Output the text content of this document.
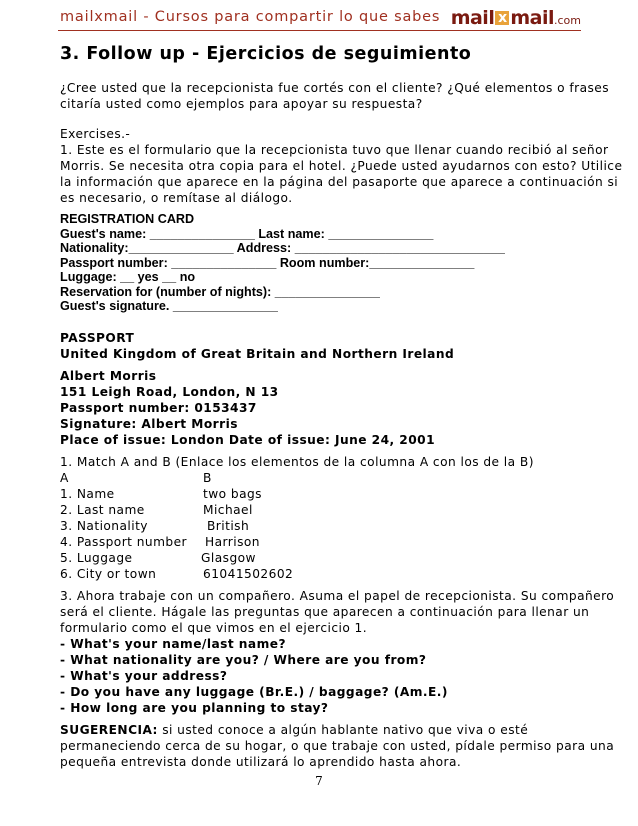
mailxmail - Cursos para compartir lo que sabes mail x mail.com
3. Follow up - Ejercicios de seguimiento
¿Cree usted que la recepcionista fue cortés con el cliente? ¿Qué elementos o frases
citaría usted como ejemplos para apoyar su respuesta?
Exercises.-
1. Este es el formulario que la recepcionista tuvo que llenar cuando recibió al señor
Morris. Se necesita otra copia para el hotel. ¿Puede usted ayudarnos con esto? Utilice
la información que aparece en la página del pasaporte que aparece a continuación si
es necesario, o remítase al diálogo.
REGISTRATION CARD
Guest's name: _______________ Last name: _______________
Nationality:_______________ Address: ______________________________
Passport number: _______________ Room number:_______________
Luggage: __ yes __ no
Reservation for (number of nights): _______________
Guest's signature. _______________
PASSPORT
United Kingdom of Great Britain and Northern Ireland
Albert Morris
151 Leigh Road, London, N 13
Passport number: 0153437
Signature: Albert Morris
Place of issue: London Date of issue: June 24, 2001
1. Match A and B (Enlace los elementos de la columna A con los de la B)
A	B
1. Name	two bags
2. Last name	Michael
3. Nationality	British
4. Passport number Harrison
5. Luggage	Glasgow
6. City or town	61041502602
3. Ahora trabaje con un compañero. Asuma el papel de recepcionista. Su compañero
será el cliente. Hágale las preguntas que aparecen a continuación para llenar un
formulario como el que vimos en el ejercicio 1.
- What's your name/last name?
- What nationality are you? / Where are you from?
- What's your address?
- Do you have any luggage (Br.E.) / baggage? (Am.E.)
- How long are you planning to stay?
SUGERENCIA: si usted conoce a algún hablante nativo que viva o esté
permaneciendo cerca de su hogar, o que trabaje con usted, pídale permiso para una
pequeña entrevista donde utilizará lo aprendido hasta ahora.
7
